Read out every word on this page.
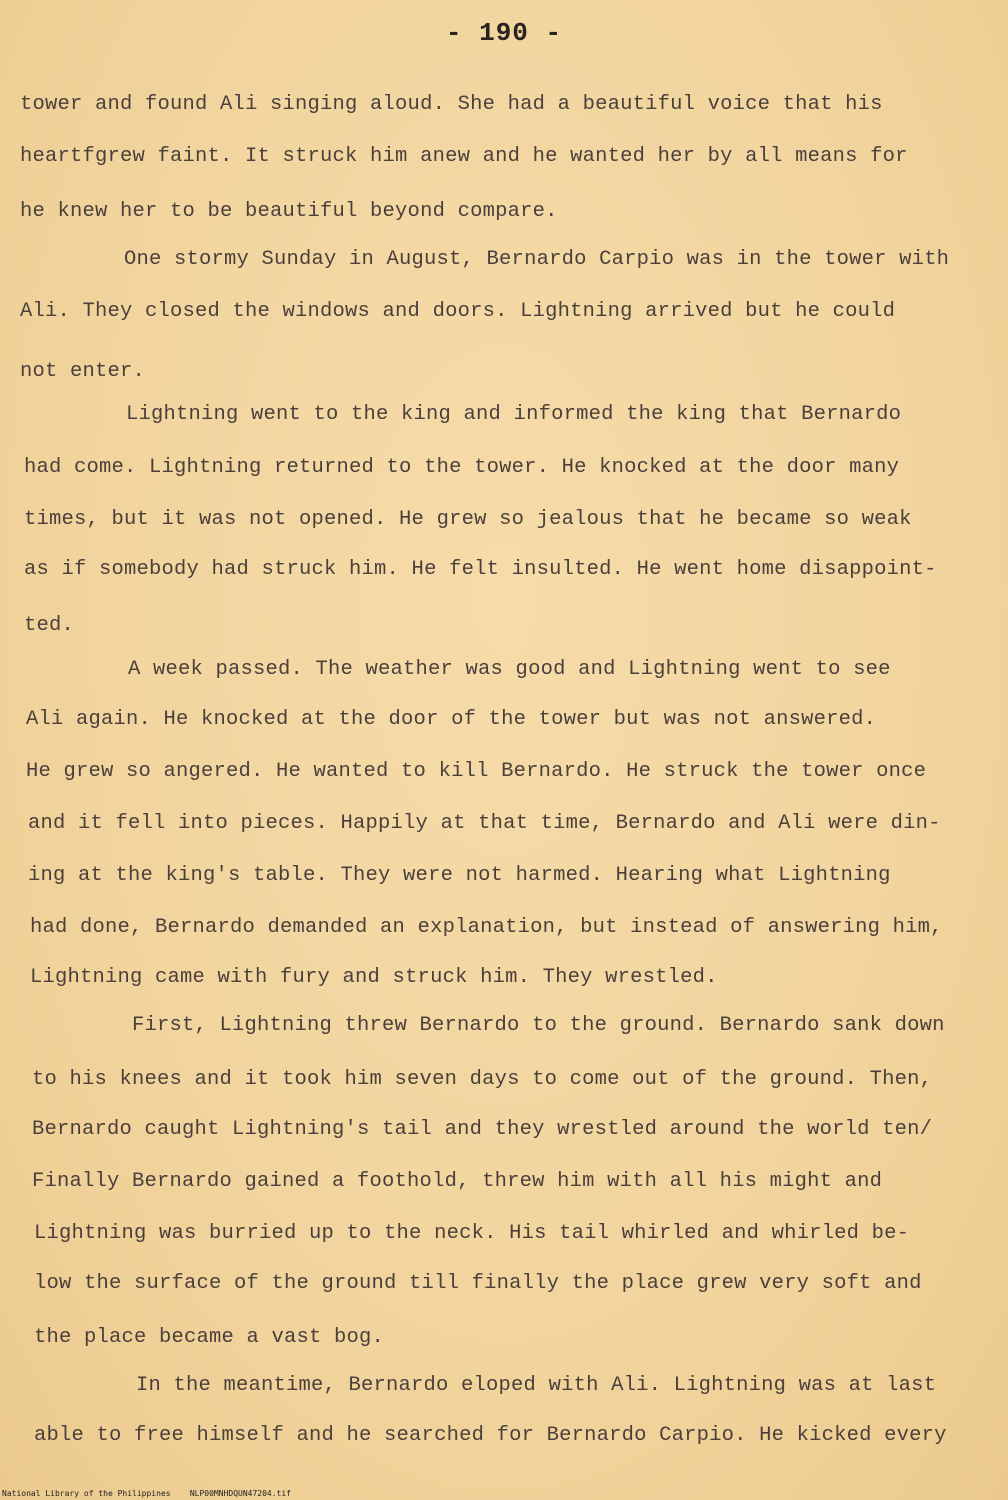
- 190 -
tower and found Ali singing aloud. She had a beautiful voice that his
heartfgrew faint. It struck him anew and he wanted her by all means for
he knew her to be beautiful beyond compare.
One stormy Sunday in August, Bernardo Carpio was in the tower with
Ali. They closed the windows and doors. Lightning arrived but he could
not enter.
Lightning went to the king and informed the king that Bernardo
had come. Lightning returned to the tower. He knocked at the door many
times, but it was not opened. He grew so jealous that he became so weak
as if somebody had struck him. He felt insulted. He went home disappoint-
ted.
A week passed. The weather was good and Lightning went to see
Ali again. He knocked at the door of the tower but was not answered.
He grew so angered. He wanted to kill Bernardo. He struck the tower once
and it fell into pieces. Happily at that time, Bernardo and Ali were din-
ing at the king's table. They were not harmed. Hearing what Lightning
had done, Bernardo demanded an explanation, but instead of answering him,
Lightning came with fury and struck him. They wrestled.
First, Lightning threw Bernardo to the ground. Bernardo sank down
to his knees and it took him seven days to come out of the ground. Then,
Bernardo caught Lightning's tail and they wrestled around the world ten/
Finally Bernardo gained a foothold, threw him with all his might and
Lightning was burried up to the neck. His tail whirled and whirled be-
low the surface of the ground till finally the place grew very soft and
the place became a vast bog.
In the meantime, Bernardo eloped with Ali. Lightning was at last
able to free himself and he searched for Bernardo Carpio. He kicked every
National Library of the Philippines NLP00MNHDQUN47204.tif
